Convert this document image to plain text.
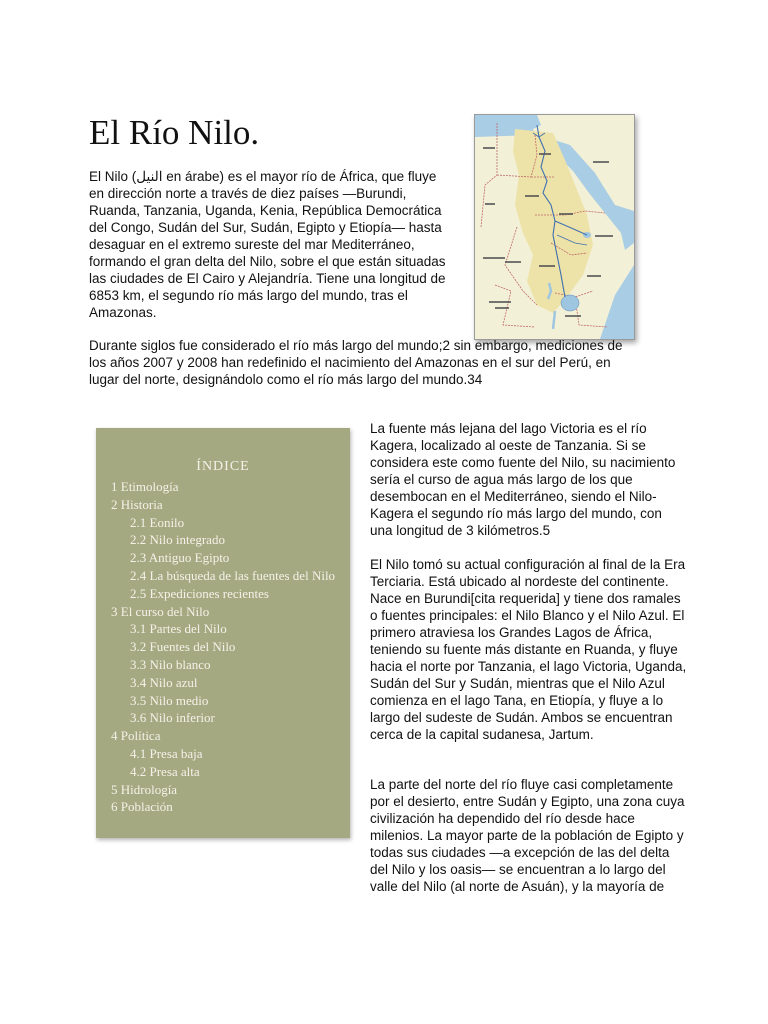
El Río Nilo.

El Nilo (النيل en árabe) es el mayor río de África, que fluye en dirección norte a través de diez países —Burundi, Ruanda, Tanzania, Uganda, Kenia, República Democrática del Congo, Sudán del Sur, Sudán, Egipto y Etiopía— hasta desaguar en el extremo sureste del mar Mediterráneo, formando el gran delta del Nilo, sobre el que están situadas las ciudades de El Cairo y Alejandría. Tiene una longitud de 6853 km, el segundo río más largo del mundo, tras el Amazonas.

Durante siglos fue considerado el río más largo del mundo;2 sin embargo, mediciones de los años 2007 y 2008 han redefinido el nacimiento del Amazonas en el sur del Perú, en lugar del norte, designándolo como el río más largo del mundo.34

ÍNDICE
1 Etimología
2 Historia
2.1 Eonilo
2.2 Nilo integrado
2.3 Antiguo Egipto
2.4 La búsqueda de las fuentes del Nilo
2.5 Expediciones recientes
3 El curso del Nilo
3.1 Partes del Nilo
3.2 Fuentes del Nilo
3.3 Nilo blanco
3.4 Nilo azul
3.5 Nilo medio
3.6 Nilo inferior
4 Política
4.1 Presa baja
4.2 Presa alta
5 Hidrología
6 Población

La fuente más lejana del lago Victoria es el río Kagera, localizado al oeste de Tanzania. Si se considera este como fuente del Nilo, su nacimiento sería el curso de agua más largo de los que desembocan en el Mediterráneo, siendo el Nilo-Kagera el segundo río más largo del mundo, con una longitud de 3 kilómetros.5

El Nilo tomó su actual configuración al final de la Era Terciaria. Está ubicado al nordeste del continente. Nace en Burundi[cita requerida] y tiene dos ramales o fuentes principales: el Nilo Blanco y el Nilo Azul. El primero atraviesa los Grandes Lagos de África, teniendo su fuente más distante en Ruanda, y fluye hacia el norte por Tanzania, el lago Victoria, Uganda, Sudán del Sur y Sudán, mientras que el Nilo Azul comienza en el lago Tana, en Etiopía, y fluye a lo largo del sudeste de Sudán. Ambos se encuentran cerca de la capital sudanesa, Jartum.

La parte del norte del río fluye casi completamente por el desierto, entre Sudán y Egipto, una zona cuya civilización ha dependido del río desde hace milenios. La mayor parte de la población de Egipto y todas sus ciudades —a excepción de las del delta del Nilo y los oasis— se encuentran a lo largo del valle del Nilo (al norte de Asuán), y la mayoría de
